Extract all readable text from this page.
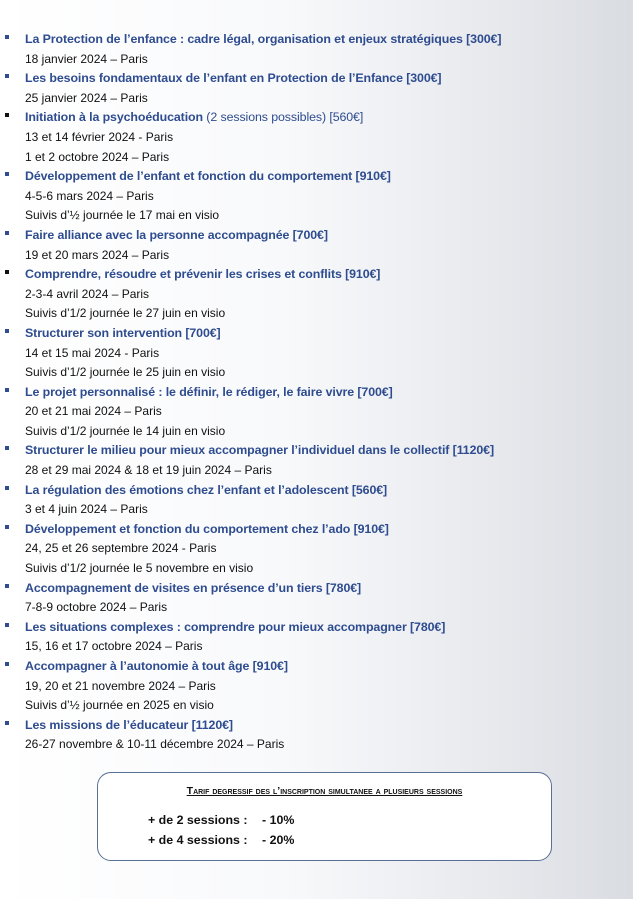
La Protection de l’enfance : cadre légal, organisation et enjeux stratégiques [300€]
18 janvier 2024 – Paris
Les besoins fondamentaux de l’enfant en Protection de l’Enfance [300€]
25 janvier 2024 – Paris
Initiation à la psychoéducation (2 sessions possibles) [560€]
13 et 14 février 2024 - Paris
1 et 2 octobre 2024 – Paris
Développement de l’enfant et fonction du comportement [910€]
4-5-6 mars 2024 – Paris
Suivis d’½ journée le 17 mai en visio
Faire alliance avec la personne accompagnée [700€]
19 et 20 mars 2024 – Paris
Comprendre, résoudre et prévenir les crises et conflits [910€]
2-3-4 avril 2024 – Paris
Suivis d’1/2 journée le 27 juin en visio
Structurer son intervention [700€]
14 et 15 mai 2024 - Paris
Suivis d’1/2 journée le 25 juin en visio
Le projet personnalisé : le définir, le rédiger, le faire vivre [700€]
20 et 21 mai 2024 – Paris
Suivis d’1/2 journée le 14 juin en visio
Structurer le milieu pour mieux accompagner l’individuel dans le collectif [1120€]
28 et 29 mai 2024 & 18 et 19 juin 2024 – Paris
La régulation des émotions chez l’enfant et l’adolescent [560€]
3 et 4 juin 2024 – Paris
Développement et fonction du comportement chez l’ado [910€]
24, 25 et 26 septembre 2024 - Paris
Suivis d’1/2 journée le 5 novembre en visio
Accompagnement de visites en présence d’un tiers [780€]
7-8-9 octobre 2024 – Paris
Les situations complexes : comprendre pour mieux accompagner [780€]
15, 16 et 17 octobre 2024 – Paris
Accompagner à l’autonomie à tout âge [910€]
19, 20 et 21 novembre 2024 – Paris
Suivis d’½ journée en 2025 en visio
Les missions de l’éducateur [1120€]
26-27 novembre & 10-11 décembre 2024 – Paris
Tarif degressif des l’inscription simultanee a plusieurs sessions
+ de 2 sessions : - 10%
+ de 4 sessions : - 20%
